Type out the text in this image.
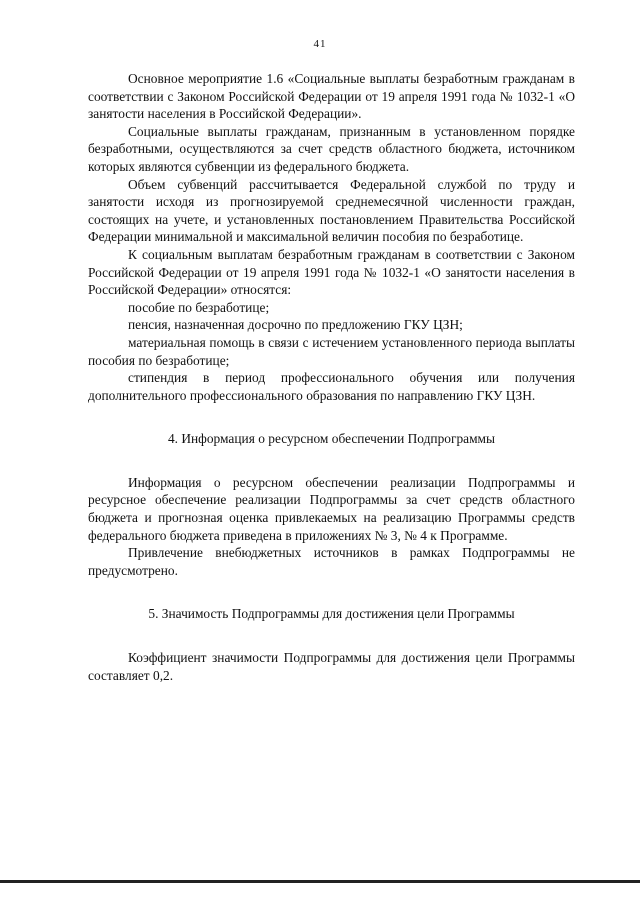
41

Основное мероприятие 1.6 «Социальные выплаты безработным гражданам в соответствии с Законом Российской Федерации от 19 апреля 1991 года № 1032-1 «О занятости населения в Российской Федерации».

Социальные выплаты гражданам, признанным в установленном порядке безработными, осуществляются за счет средств областного бюджета, источником которых являются субвенции из федерального бюджета.

Объем субвенций рассчитывается Федеральной службой по труду и занятости исходя из прогнозируемой среднемесячной численности граждан, состоящих на учете, и установленных постановлением Правительства Российской Федерации минимальной и максимальной величин пособия по безработице.

К социальным выплатам безработным гражданам в соответствии с Законом Российской Федерации от 19 апреля 1991 года № 1032-1 «О занятости населения в Российской Федерации» относятся:

пособие по безработице;

пенсия, назначенная досрочно по предложению ГКУ ЦЗН;

материальная помощь в связи с истечением установленного периода выплаты пособия по безработице;

стипендия в период профессионального обучения или получения дополнительного профессионального образования по направлению ГКУ ЦЗН.

4. Информация о ресурсном обеспечении Подпрограммы

Информация о ресурсном обеспечении реализации Подпрограммы и ресурсное обеспечение реализации Подпрограммы за счет средств областного бюджета и прогнозная оценка привлекаемых на реализацию Программы средств федерального бюджета приведена в приложениях № 3, № 4 к Программе.

Привлечение внебюджетных источников в рамках Подпрограммы не предусмотрено.

5. Значимость Подпрограммы для достижения цели Программы

Коэффициент значимости Подпрограммы для достижения цели Программы составляет 0,2.
